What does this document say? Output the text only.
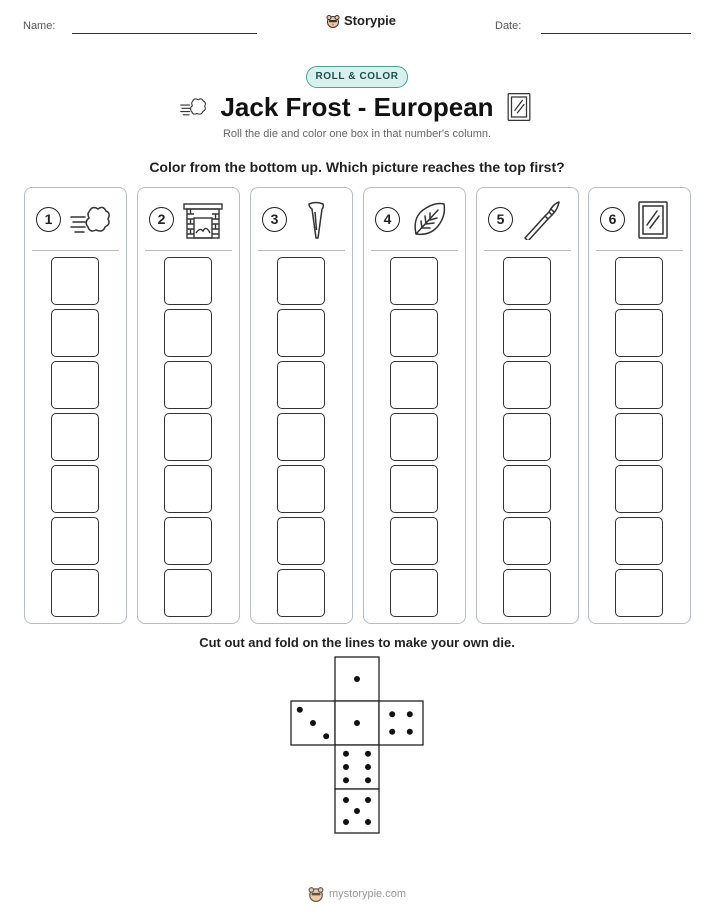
Name:	Storypie	Date:
ROLL & COLOR
Jack Frost - European
Roll the die and color one box in that number's column.
Color from the bottom up. Which picture reaches the top first?
1	2	3	4	5	6
Cut out and fold on the lines to make your own die.
mystorypie.com
